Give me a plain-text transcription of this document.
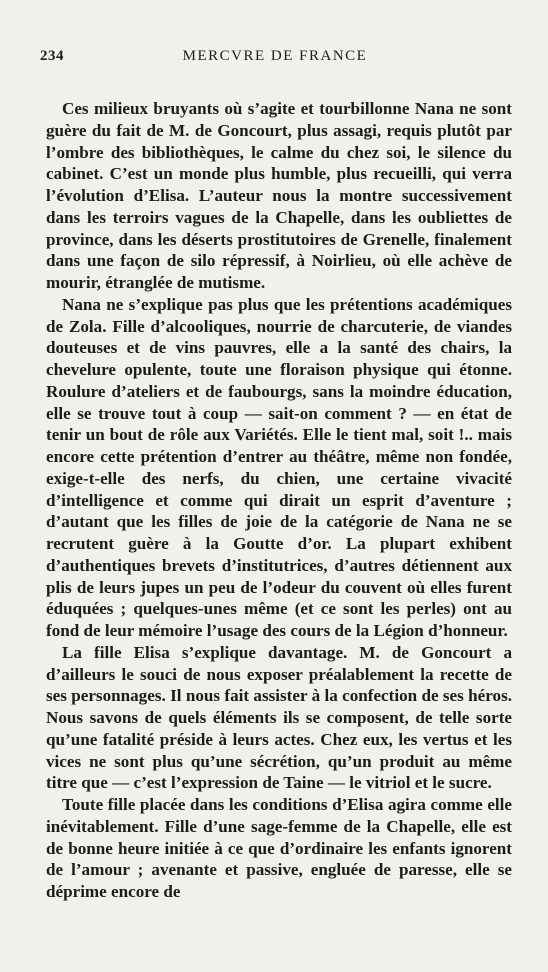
234	MERCVRE DE FRANCE

Ces milieux bruyants où s’agite et tourbillonne Nana ne sont guère du fait de M. de Goncourt, plus assagi, requis plutôt par l’ombre des bibliothèques, le calme du chez soi, le silence du cabinet. C’est un monde plus humble, plus recueilli, qui verra l’évolution d’Elisa. L’auteur nous la montre successivement dans les terroirs vagues de la Chapelle, dans les oubliettes de province, dans les déserts prostitutoires de Grenelle, finalement dans une façon de silo répressif, à Noirlieu, où elle achève de mourir, étranglée de mutisme.

Nana ne s’explique pas plus que les prétentions académiques de Zola. Fille d’alcooliques, nourrie de charcuterie, de viandes douteuses et de vins pauvres, elle a la santé des chairs, la chevelure opulente, toute une floraison physique qui étonne. Roulure d’ateliers et de faubourgs, sans la moindre éducation, elle se trouve tout à coup — sait-on comment ? — en état de tenir un bout de rôle aux Variétés. Elle le tient mal, soit !.. mais encore cette prétention d’entrer au théâtre, même non fondée, exige-t-elle des nerfs, du chien, une certaine vivacité d’intelligence et comme qui dirait un esprit d’aventure ; d’autant que les filles de joie de la catégorie de Nana ne se recrutent guère à la Goutte d’or. La plupart exhibent d’authentiques brevets d’institutrices, d’autres détiennent aux plis de leurs jupes un peu de l’odeur du couvent où elles furent éduquées ; quelques-unes même (et ce sont les perles) ont au fond de leur mémoire l’usage des cours de la Légion d’honneur.

La fille Elisa s’explique davantage. M. de Goncourt a d’ailleurs le souci de nous exposer préalablement la recette de ses personnages. Il nous fait assister à la confection de ses héros. Nous savons de quels éléments ils se composent, de telle sorte qu’une fatalité préside à leurs actes. Chez eux, les vertus et les vices ne sont plus qu’une sécrétion, qu’un produit au même titre que — c’est l’expression de Taine — le vitriol et le sucre.

Toute fille placée dans les conditions d’Elisa agira comme elle inévitablement. Fille d’une sage-femme de la Chapelle, elle est de bonne heure initiée à ce que d’ordinaire les enfants ignorent de l’amour ; avenante et passive, engluée de paresse, elle se déprime encore de
